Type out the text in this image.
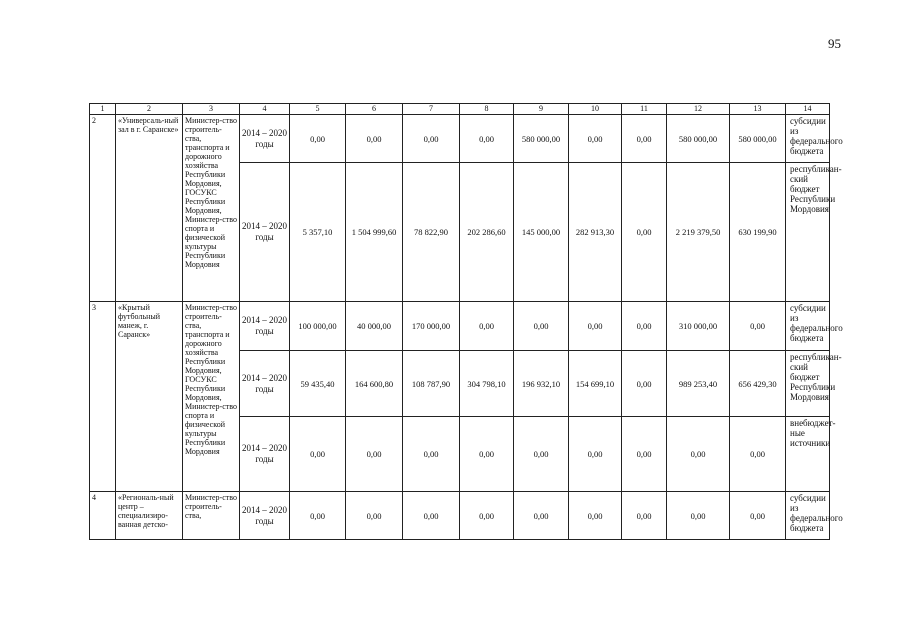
95
1	2	3	4	5	6	7	8	9	10	11	12	13	14
2	«Универсаль-ный зал в г. Саранске»	Министер-ство строитель-ства, транспорта и дорожного хозяйства Республики Мордовия, ГОСУКС Республики Мордовия, Министер-ство спорта и физической культуры Республики Мордовия	2014 – 2020 годы	0,00	0,00	0,00	0,00	580 000,00	0,00	0,00	580 000,00	580 000,00	субсидии из федерального бюджета
			2014 – 2020 годы	5 357,10	1 504 999,60	78 822,90	202 286,60	145 000,00	282 913,30	0,00	2 219 379,50	630 199,90	республикан-ский бюджет Республики Мордовия
3	«Крытый футбольный манеж, г. Саранск»	Министер-ство строитель-ства, транспорта и дорожного хозяйства Республики Мордовия, ГОСУКС Республики Мордовия, Министер-ство спорта и физической культуры Республики Мордовия	2014 – 2020 годы	100 000,00	40 000,00	170 000,00	0,00	0,00	0,00	0,00	310 000,00	0,00	субсидии из федерального бюджета
			2014 – 2020 годы	59 435,40	164 600,80	108 787,90	304 798,10	196 932,10	154 699,10	0,00	989 253,40	656 429,30	республикан-ский бюджет Республики Мордовия
			2014 – 2020 годы	0,00	0,00	0,00	0,00	0,00	0,00	0,00	0,00	0,00	внебюджет-ные источники
4	«Региональ-ный центр – специализиро-ванная детско-	Министер-ство строитель-ства,	2014 – 2020 годы	0,00	0,00	0,00	0,00	0,00	0,00	0,00	0,00	0,00	субсидии из федерального бюджета
